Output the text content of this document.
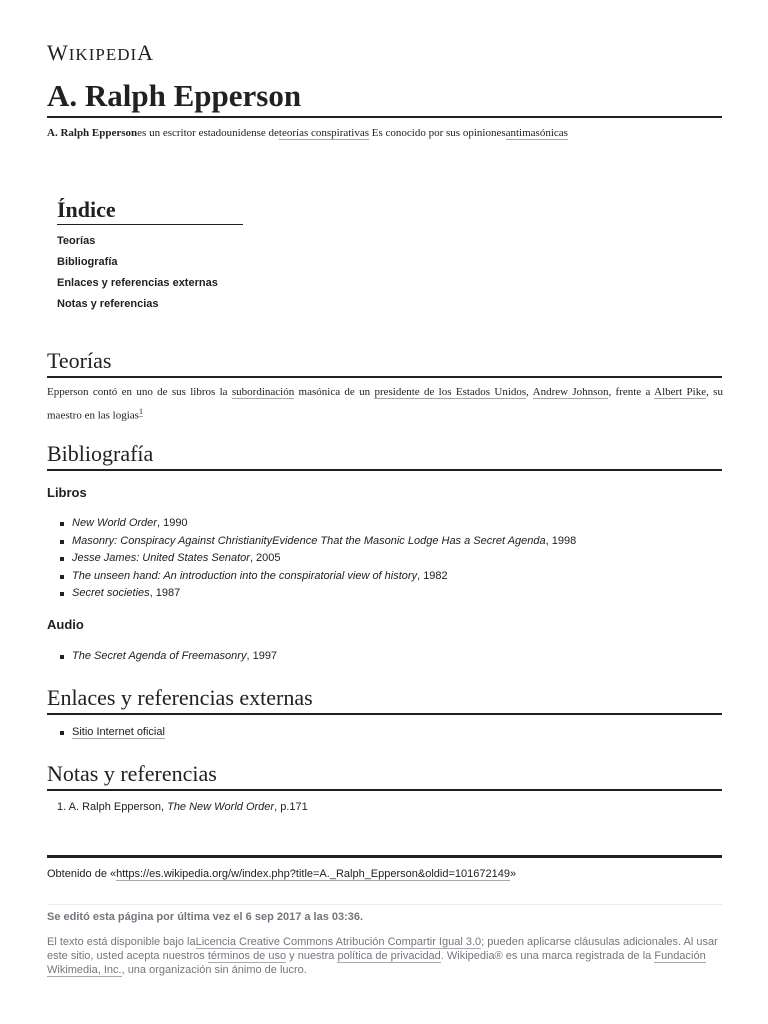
WIKIPEDIA
A. Ralph Epperson
A. Ralph Eppersones un escritor estadounidense deteorías conspirativas Es conocido por sus opinionesantimasónicas
Índice
Teorías
Bibliografía
Enlaces y referencias externas
Notas y referencias
Teorías
Epperson contó en uno de sus libros la subordinación masónica de un presidente de los Estados Unidos, Andrew Johnson, frente a Albert Pike, su maestro en las logias$^1$
Bibliografía
Libros
New World Order, 1990
Masonry: Conspiracy Against ChristianityEvidence That the Masonic Lodge Has a Secret Agenda, 1998
Jesse James: United States Senator, 2005
The unseen hand: An introduction into the conspiratorial view of history, 1982
Secret societies, 1987
Audio
The Secret Agenda of Freemasonry, 1997
Enlaces y referencias externas
Sitio Internet oficial
Notas y referencias
1. A. Ralph Epperson, The New World Order, p.171
Obtenido de «https://es.wikipedia.org/w/index.php?title=A._Ralph_Epperson&oldid=101672149»
Se editó esta página por última vez el 6 sep 2017 a las 03:36.
El texto está disponible bajo laLicencia Creative Commons Atribución Compartir Igual 3.0; pueden aplicarse cláusulas adicionales. Al usar este sitio, usted acepta nuestros términos de uso y nuestra política de privacidad. Wikipedia® es una marca registrada de la Fundación Wikimedia, Inc., una organización sin ánimo de lucro.
